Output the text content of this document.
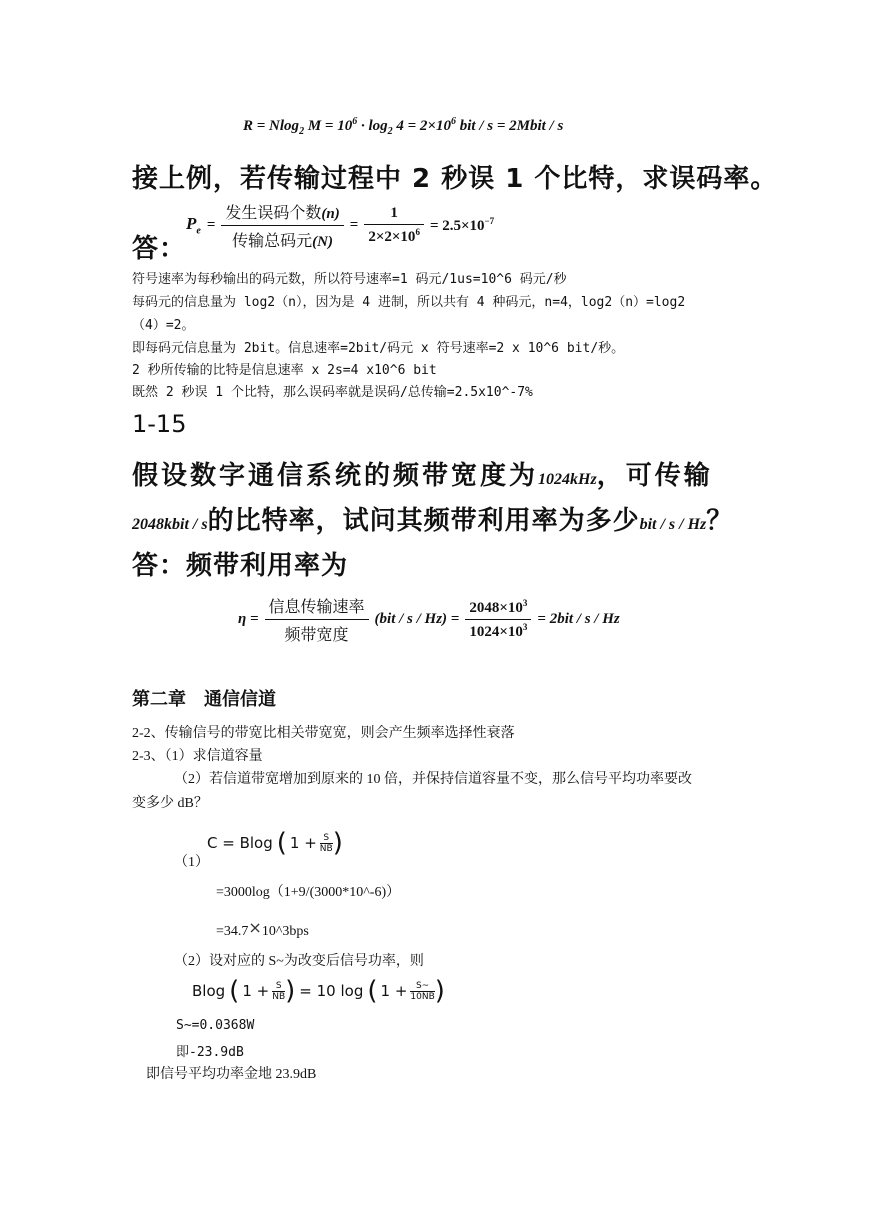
R = Nlog$_2$ $M = 10^6 \cdot \log_2 4 = 2\times 10^6$ bit / s = 2Mbit / s
接上例，若传输过程中 2 秒误 1 个比特，求误码率。
答：
$P_e = \frac{\text{发生误码个数(n)}}{\text{传输总码元(N)}} = \frac{1}{2\times 2\times 10^6} = 2.5\times 10^{-7}$
符号速率为每秒输出的码元数，所以符号速率=1 码元/1us=10^6 码元/秒
每码元的信息量为 log2（n），因为是 4 进制，所以共有 4 种码元，n=4，log2（n）=log2
（4）=2。
即每码元信息量为 2bit。信息速率=2bit/码元 x 符号速率=2 x 10^6 bit/秒。
2 秒所传输的比特是信息速率 x 2s=4 x10^6 bit
既然 2 秒误 1 个比特，那么误码率就是误码/总传输=2.5x10^-7%
1-15
假设数字通信系统的频带宽度为1024kHz，可传输
2048kbit / s的比特率，试问其频带利用率为多少bit / s / Hz？
答：频带利用率为
$\eta = \frac{\text{信息传输速率}}{\text{频带宽度}} (bit / s / Hz) = \frac{2048\times 10^3}{1024\times 10^3} = 2bit / s / Hz$
第二章　通信信道
2-2、传输信号的带宽比相关带宽宽，则会产生频率选择性衰落
2-3、（1）求信道容量
（2）若信道带宽增加到原来的 10 倍，并保持信道容量不变，那么信号平均功率要改
变多少 dB？
（1）
C = Blog ( $1 + \frac{S}{NB}$ )
=3000log（1+9/(3000*10^-6)）
=34.7×10^3bps
（2）设对应的 S~为改变后信号功率，则
Blog ( $1 + \frac{S}{NB}$ ) = 10 log ( $1 + \frac{S\sim}{10NB}$ )
S~=0.0368W
即-23.9dB
即信号平均功率金地 23.9dB
